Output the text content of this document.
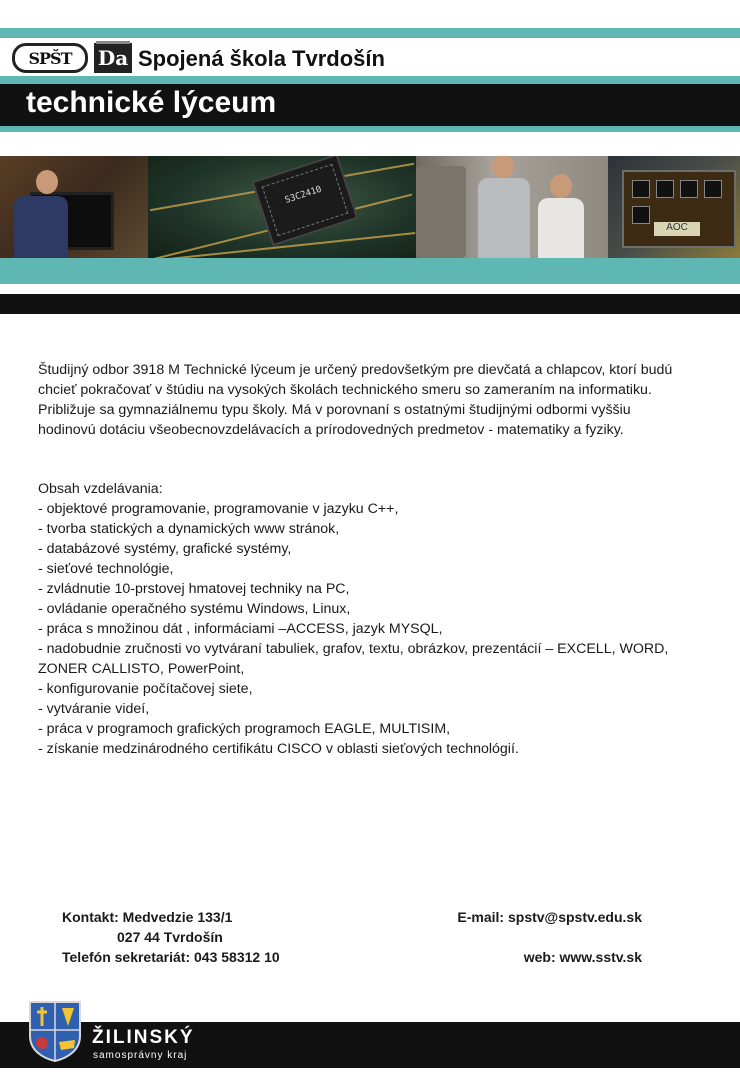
SPŠT	Da Spojená škola Tvrdošín
technické lýceum
S3C2410
AOC
Študijný odbor 3918 M Technické lýceum je určený predovšetkým pre dievčatá a chlapcov, ktorí budú chcieť pokračovať v štúdiu na vysokých školách technického smeru so zameraním na informatiku. Približuje sa gymnaziálnemu typu školy. Má v porovnaní s ostatnými študijnými odbormi vyššiu hodinovú dotáciu všeobecnovzdelávacích a prírodovedných predmetov - matematiky a fyziky.
Obsah vzdelávania:
- objektové programovanie, programovanie v jazyku C++,
- tvorba statických a dynamických www stránok,
- databázové systémy, grafické systémy,
- sieťové technológie,
- zvládnutie 10-prstovej hmatovej techniky na PC,
- ovládanie operačného systému Windows, Linux,
- práca s množinou dát , informáciami –ACCESS, jazyk MYSQL,
- nadobudnie zručnosti vo vytváraní tabuliek, grafov, textu, obrázkov, prezentácií – EXCELL, WORD, ZONER CALLISTO, PowerPoint,
- konfigurovanie počítačovej siete,
- vytváranie videí,
- práca v programoch grafických programoch EAGLE, MULTISIM,
- získanie medzinárodného certifikátu CISCO v oblasti sieťových technológií.
Kontakt: Medvedzie 133/1
027 44 Tvrdošín
Telefón sekretariát: 043 58312 10
E-mail: spstv@spstv.edu.sk
web: www.sstv.sk
ŽILINSKÝ
samosprávny kraj
